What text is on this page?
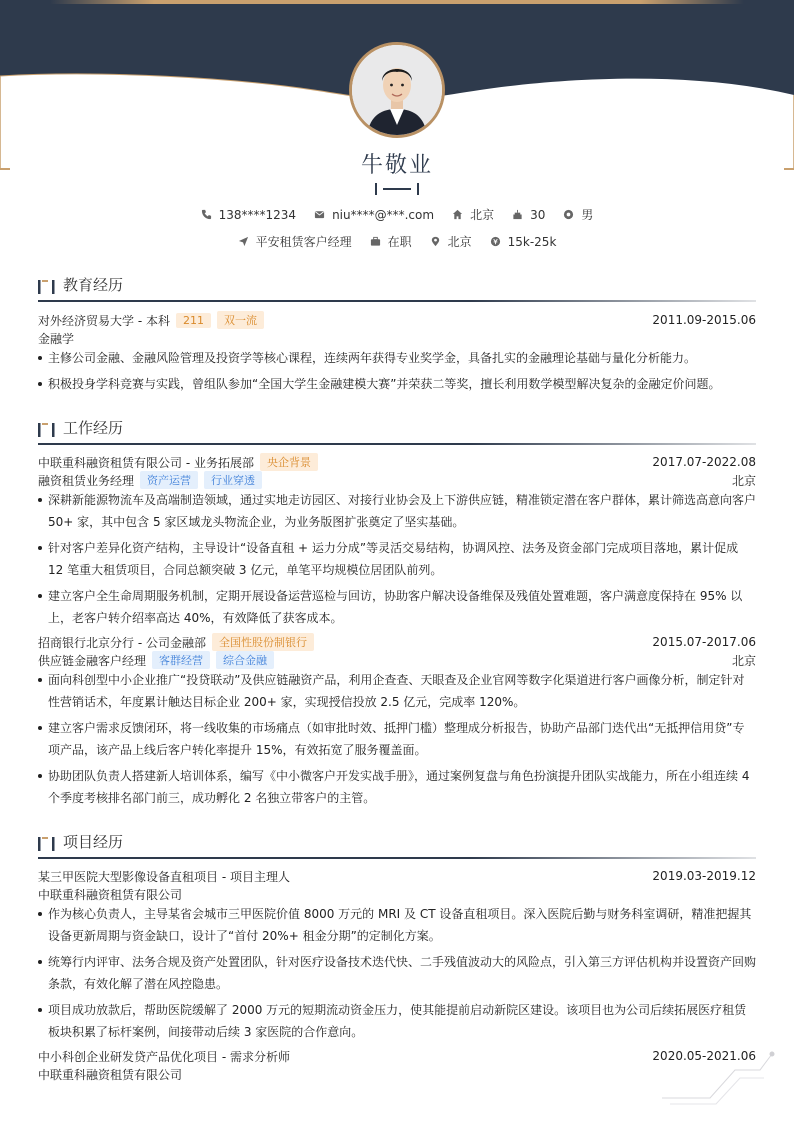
牛敬业
138****1234	niu****@***.com	北京	30	男
平安租赁客户经理	在职	北京	15k-25k
教育经历
对外经济贸易大学 - 本科	211	双一流	2011.09-2015.06
金融学
主修公司金融、金融风险管理及投资学等核心课程，连续两年获得专业奖学金，具备扎实的金融理论基础与量化分析能力。
积极投身学科竞赛与实践，曾组队参加“全国大学生金融建模大赛”并荣获二等奖，擅长利用数学模型解决复杂的金融定价问题。
工作经历
中联重科融资租赁有限公司 - 业务拓展部	央企背景	2017.07-2022.08
融资租赁业务经理	资产运营	行业穿透	北京
深耕新能源物流车及高端制造领域，通过实地走访园区、对接行业协会及上下游供应链，精准锁定潜在客户群体，累计筛选高意向客户 50+ 家，其中包含 5 家区域龙头物流企业，为业务版图扩张奠定了坚实基础。
针对客户差异化资产结构，主导设计“设备直租 + 运力分成”等灵活交易结构，协调风控、法务及资金部门完成项目落地，累计促成 12 笔重大租赁项目，合同总额突破 3 亿元，单笔平均规模位居团队前列。
建立客户全生命周期服务机制，定期开展设备运营巡检与回访，协助客户解决设备维保及残值处置难题，客户满意度保持在 95% 以上，老客户转介绍率高达 40%，有效降低了获客成本。
招商银行北京分行 - 公司金融部	全国性股份制银行	2015.07-2017.06
供应链金融客户经理	客群经营	综合金融	北京
面向科创型中小企业推广“投贷联动”及供应链融资产品，利用企查查、天眼查及企业官网等数字化渠道进行客户画像分析，制定针对性营销话术，年度累计触达目标企业 200+ 家，实现授信投放 2.5 亿元，完成率 120%。
建立客户需求反馈闭环，将一线收集的市场痛点（如审批时效、抵押门槛）整理成分析报告，协助产品部门迭代出“无抵押信用贷”专项产品，该产品上线后客户转化率提升 15%，有效拓宽了服务覆盖面。
协助团队负责人搭建新人培训体系，编写《中小微客户开发实战手册》，通过案例复盘与角色扮演提升团队实战能力，所在小组连续 4 个季度考核排名部门前三，成功孵化 2 名独立带客户的主管。
项目经历
某三甲医院大型影像设备直租项目 - 项目主理人	2019.03-2019.12
中联重科融资租赁有限公司
作为核心负责人，主导某省会城市三甲医院价值 8000 万元的 MRI 及 CT 设备直租项目。深入医院后勤与财务科室调研，精准把握其设备更新周期与资金缺口，设计了“首付 20%+ 租金分期”的定制化方案。
统筹行内评审、法务合规及资产处置团队，针对医疗设备技术迭代快、二手残值波动大的风险点，引入第三方评估机构并设置资产回购条款，有效化解了潜在风控隐患。
项目成功放款后，帮助医院缓解了 2000 万元的短期流动资金压力，使其能提前启动新院区建设。该项目也为公司后续拓展医疗租赁板块积累了标杆案例，间接带动后续 3 家医院的合作意向。
中小科创企业研发贷产品优化项目 - 需求分析师	2020.05-2021.06
中联重科融资租赁有限公司
